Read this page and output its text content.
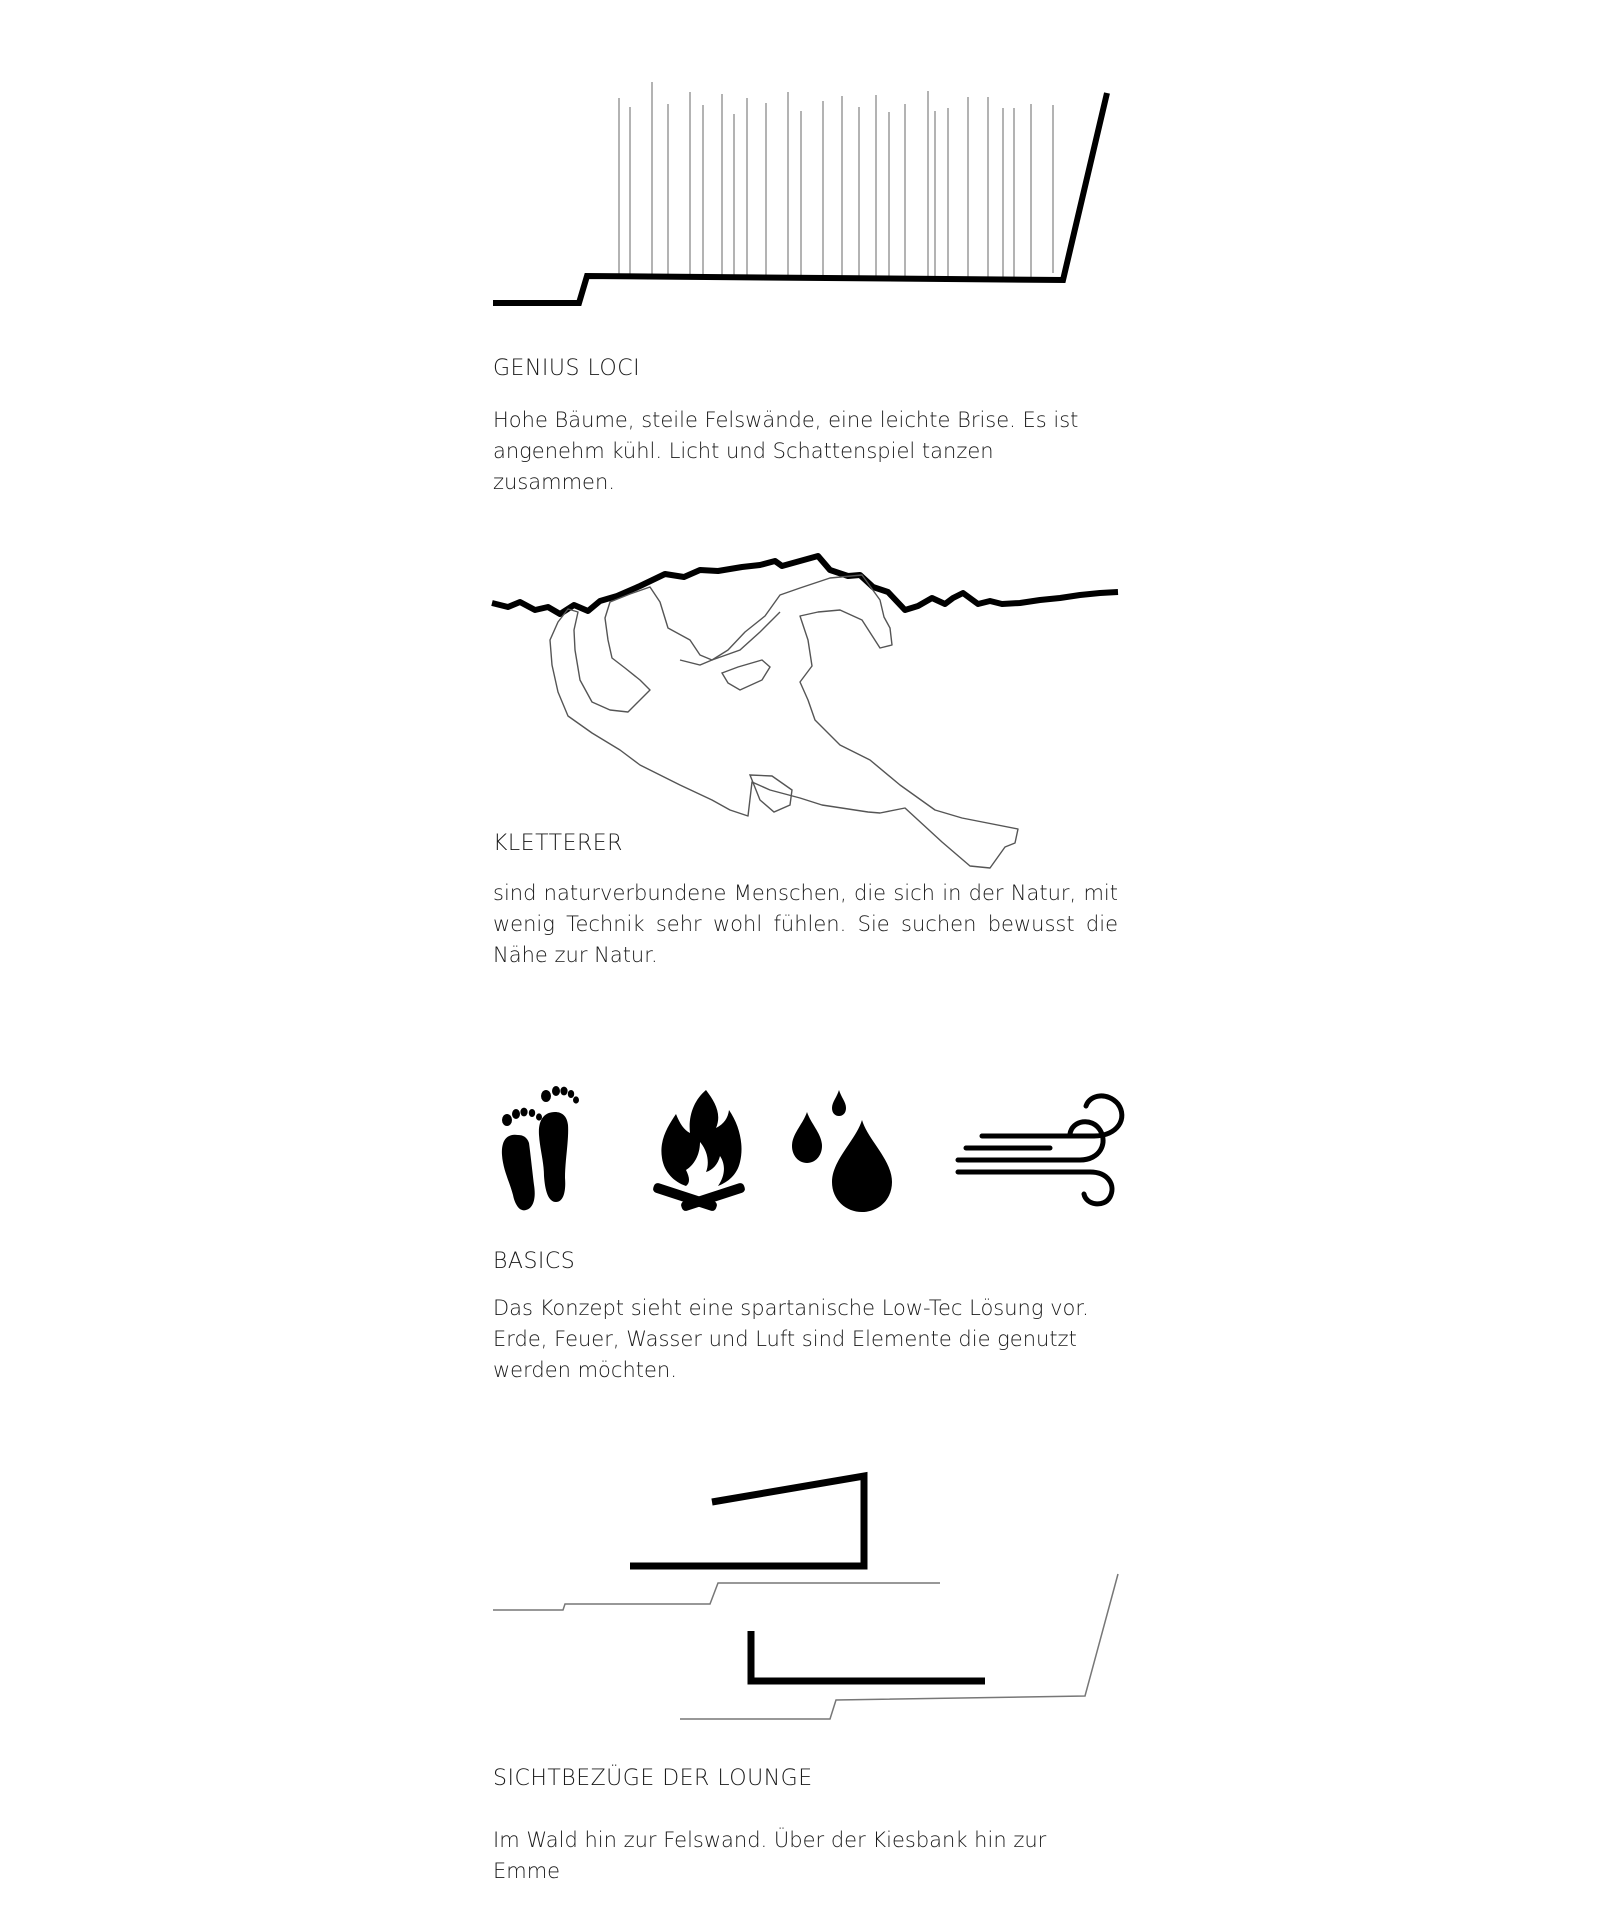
GENIUS LOCI

Hohe Bäume, steile Felswände, eine leichte Brise. Es ist angenehm kühl. Licht und Schattenspiel tanzen zusammen.

KLETTERER

sind naturverbundene Menschen, die sich in der Natur, mit wenig Technik sehr wohl fühlen. Sie suchen bewusst die Nähe zur Natur.

BASICS

Das Konzept sieht eine spartanische Low-Tec Lösung vor. Erde, Feuer, Wasser und Luft sind Elemente die genutzt werden möchten.

SICHTBEZÜGE DER LOUNGE

Im Wald hin zur Felswand. Über der Kiesbank hin zur Emme
